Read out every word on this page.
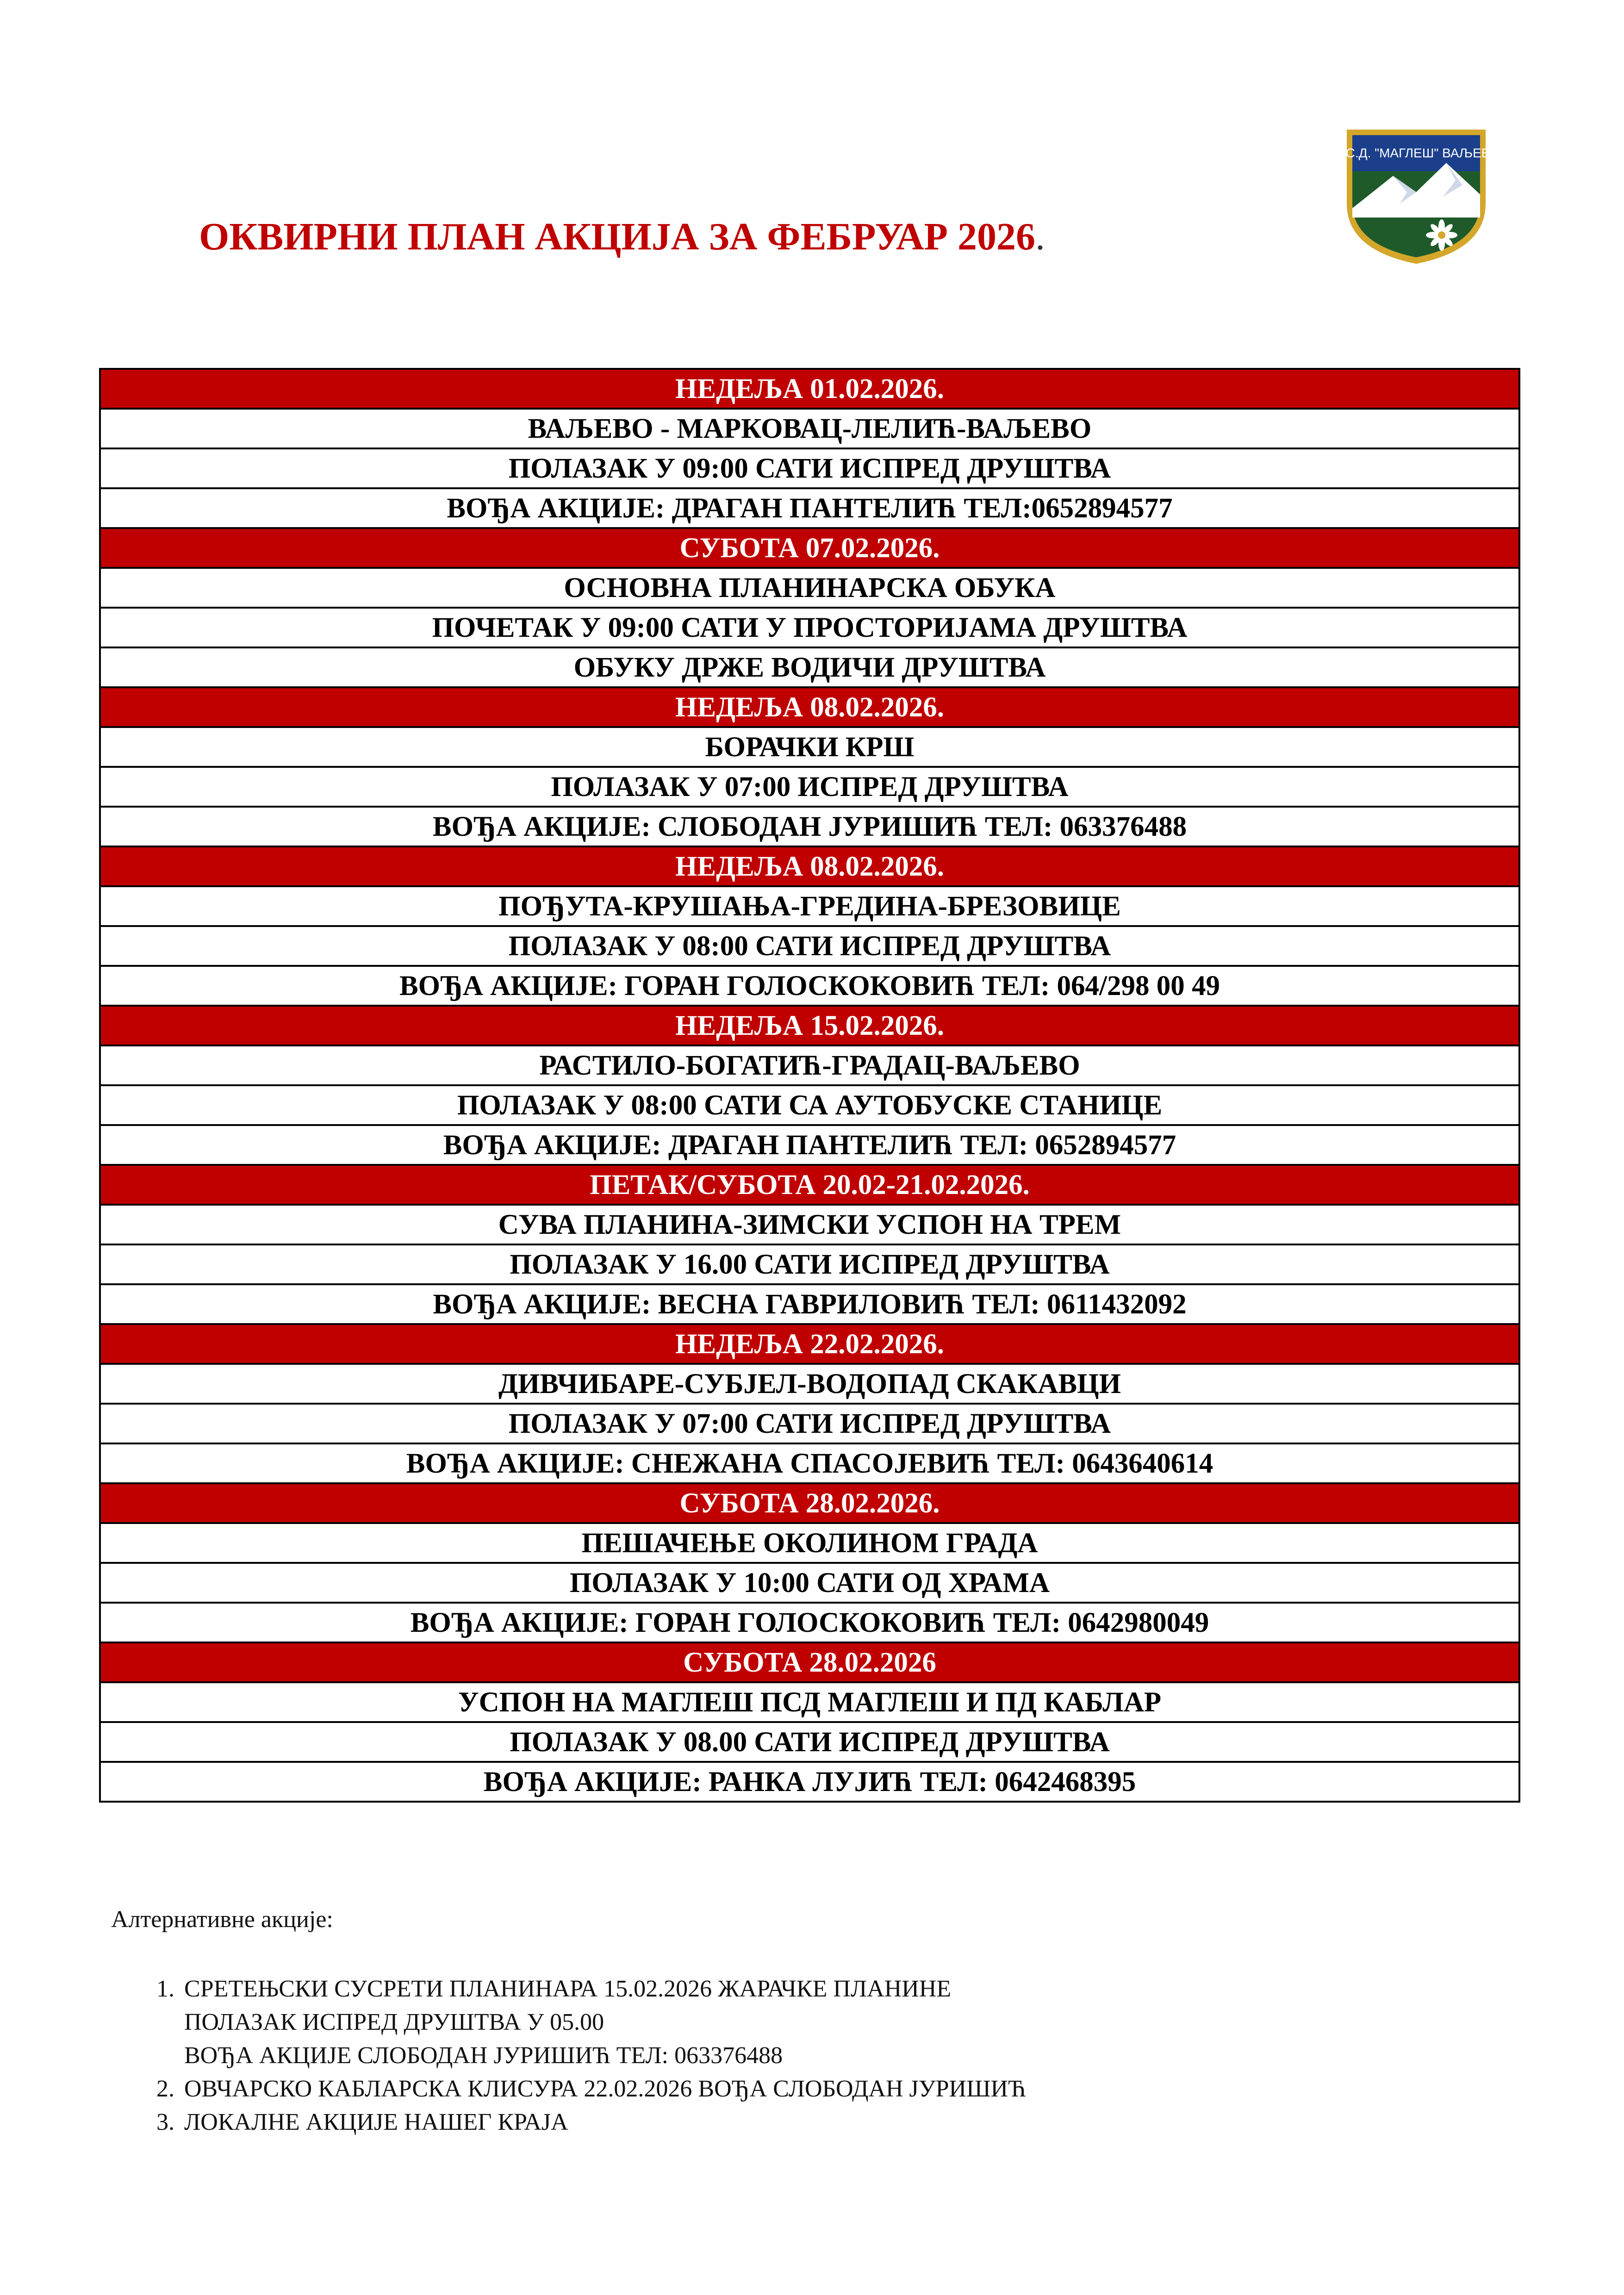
П.С.Д. "МАГЛЕШ" ВАЉЕВО
ОКВИРНИ ПЛАН АКЦИЈА ЗА ФЕБРУАР 2026.
НЕДЕЉА 01.02.2026.
ВАЉЕВО - МАРКОВАЦ-ЛЕЛИЋ-ВАЉЕВО
ПОЛАЗАК У 09:00 САТИ ИСПРЕД ДРУШТВА
ВОЂА АКЦИЈЕ: ДРАГАН ПАНТЕЛИЋ ТЕЛ:0652894577
СУБОТА 07.02.2026.
ОСНОВНА ПЛАНИНАРСКА ОБУКА
ПОЧЕТАК У 09:00 САТИ У ПРОСТОРИЈАМА ДРУШТВА
ОБУКУ ДРЖЕ ВОДИЧИ ДРУШТВА
НЕДЕЉА 08.02.2026.
БОРАЧКИ КРШ
ПОЛАЗАК У 07:00 ИСПРЕД ДРУШТВА
ВОЂА АКЦИЈЕ: СЛОБОДАН ЈУРИШИЋ ТЕЛ: 063376488
НЕДЕЉА 08.02.2026.
ПОЂУТА-КРУШАЊА-ГРЕДИНА-БРЕЗОВИЦЕ
ПОЛАЗАК У 08:00 САТИ ИСПРЕД ДРУШТВА
ВОЂА АКЦИЈЕ: ГОРАН ГОЛОСКОКОВИЋ ТЕЛ: 064/298 00 49
НЕДЕЉА 15.02.2026.
РАСТИЛО-БОГАТИЋ-ГРАДАЦ-ВАЉЕВО
ПОЛАЗАК У 08:00 САТИ СА АУТОБУСКЕ СТАНИЦЕ
ВОЂА АКЦИЈЕ: ДРАГАН ПАНТЕЛИЋ ТЕЛ: 0652894577
ПЕТАК/СУБОТА 20.02-21.02.2026.
СУВА ПЛАНИНА-ЗИМСКИ УСПОН НА ТРЕМ
ПОЛАЗАК У 16.00 САТИ ИСПРЕД ДРУШТВА
ВОЂА АКЦИЈЕ: ВЕСНА ГАВРИЛОВИЋ ТЕЛ: 0611432092
НЕДЕЉА 22.02.2026.
ДИВЧИБАРЕ-СУБЈЕЛ-ВОДОПАД СКАКАВЦИ
ПОЛАЗАК У 07:00 САТИ ИСПРЕД ДРУШТВА
ВОЂА АКЦИЈЕ: СНЕЖАНА СПАСОЈЕВИЋ ТЕЛ: 0643640614
СУБОТА 28.02.2026.
ПЕШАЧЕЊЕ ОКОЛИНОМ ГРАДА
ПОЛАЗАК У 10:00 САТИ ОД ХРАМА
ВОЂА АКЦИЈЕ: ГОРАН ГОЛОСКОКОВИЋ ТЕЛ: 0642980049
СУБОТА 28.02.2026
УСПОН НА МАГЛЕШ ПСД МАГЛЕШ И ПД КАБЛАР
ПОЛАЗАК У 08.00 САТИ ИСПРЕД ДРУШТВА
ВОЂА АКЦИЈЕ: РАНКА ЛУЈИЋ ТЕЛ: 0642468395
Алтернативне акције:
1. СРЕТЕЊСКИ СУСРЕТИ ПЛАНИНАРА 15.02.2026 ЖАРАЧКЕ ПЛАНИНЕ
ПОЛАЗАК ИСПРЕД ДРУШТВА У 05.00
ВОЂА АКЦИЈЕ СЛОБОДАН ЈУРИШИЋ ТЕЛ: 063376488
2. ОВЧАРСКО КАБЛАРСКА КЛИСУРА 22.02.2026 ВОЂА СЛОБОДАН ЈУРИШИЋ
3. ЛОКАЛНЕ АКЦИЈЕ НАШЕГ КРАЈА
